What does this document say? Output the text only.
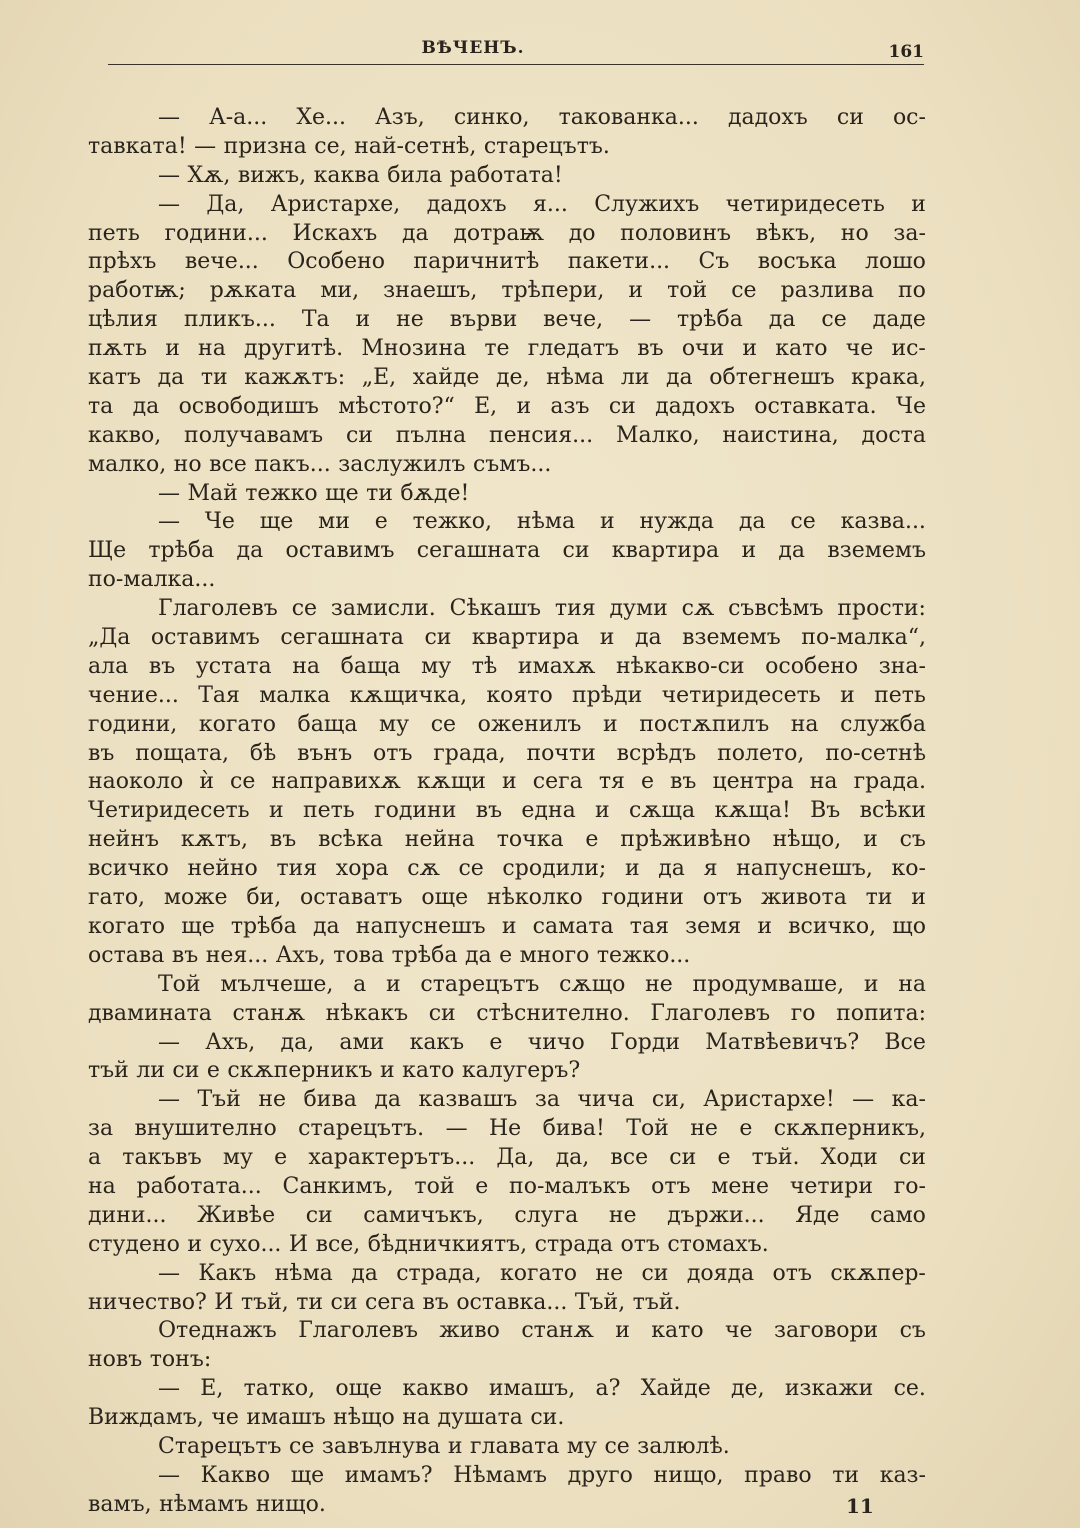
ВѢЧЕНЪ.	161
— А-а... Хе... Азъ, синко, такованка... дадохъ си ос-
тавката! — призна се, най-сетнѣ, старецътъ.
— Хѫ, вижъ, каква била работата!
— Да, Аристархе, дадохъ я... Служихъ четиридесеть и
петь години... Искахъ да дотраѭ до половинъ вѣкъ, но за-
прѣхъ вече... Особено паричнитѣ пакети... Съ восъка лошо
работѭ; рѫката ми, знаешъ, трѣпери, и той се разлива по
цѣлия пликъ... Та и не върви вече, — трѣба да се даде
пѫть и на другитѣ. Мнозина те гледатъ въ очи и като че ис-
катъ да ти кажѫтъ: „Е, хайде де, нѣма ли да обтегнешъ крака,
та да освободишъ мѣстото?“ Е, и азъ си дадохъ оставката. Че
какво, получавамъ си пълна пенсия... Малко, наистина, доста
малко, но все пакъ... заслужилъ съмъ...
— Май тежко ще ти бѫде!
— Че ще ми е тежко, нѣма и нужда да се казва...
Ще трѣба да оставимъ сегашната си квартира и да вземемъ
по-малка...
Глаголевъ се замисли. Сѣкашъ тия думи сѫ съвсѣмъ прости:
„Да оставимъ сегашната си квартира и да вземемъ по-малка“,
ала въ устата на баща му тѣ имахѫ нѣкакво-си особено зна-
чение... Тая малка кѫщичка, която прѣди четиридесеть и петь
години, когато баща му се оженилъ и постѫпилъ на служба
въ пощата, бѣ вънъ отъ града, почти всрѣдъ полето, по-сетнѣ
наоколо ѝ се направихѫ кѫщи и сега тя е въ центра на града.
Четиридесеть и петь години въ една и сѫща кѫща! Въ всѣки
нейнъ кѫтъ, въ всѣка нейна точка е прѣживѣно нѣщо, и съ
всичко нейно тия хора сѫ се сродили; и да я напуснешъ, ко-
гато, може би, оставатъ още нѣколко години отъ живота ти и
когато ще трѣба да напуснешъ и самата тая земя и всичко, що
остава въ нея... Ахъ, това трѣба да е много тежко...
Той мълчеше, а и старецътъ сѫщо не продумваше, и на
двамината станѫ нѣкакъ си стѣснително. Глаголевъ го попита:
— Ахъ, да, ами какъ е чичо Горди Матвѣевичъ? Все
тъй ли си е скѫперникъ и като калугеръ?
— Тъй не бива да казвашъ за чича си, Аристархе! — ка-
за внушително старецътъ. — Не бива! Той не е скѫперникъ,
а такъвъ му е характерътъ... Да, да, все си е тъй. Ходи си
на работата... Санкимъ, той е по-малъкъ отъ мене четири го-
дини... Живѣе си самичъкъ, слуга не държи... Яде само
студено и сухо... И все, бѣдничкиятъ, страда отъ стомахъ.
— Какъ нѣма да страда, когато не си дояда отъ скѫпер-
ничество? И тъй, ти си сега въ оставка... Тъй, тъй.
Отеднажъ Глаголевъ живо станѫ и като че заговори съ
новъ тонъ:
— Е, татко, още какво имашъ, а? Хайде де, изкажи се.
Виждамъ, че имашъ нѣщо на душата си.
Старецътъ се завълнува и главата му се залюлѣ.
— Какво ще имамъ? Нѣмамъ друго нищо, право ти каз-
вамъ, нѣмамъ нищо.	11
